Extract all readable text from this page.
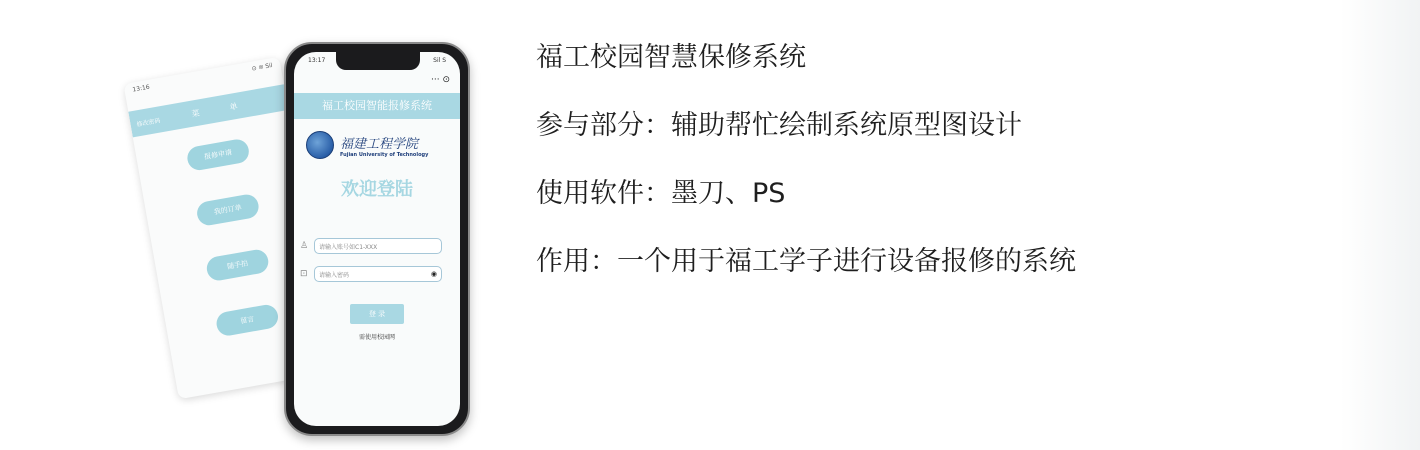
13:16
⊙ ≋ Sil
修改密码
菜 单
报修申请
我的订单
随手拍
留言
13:17	Sil S
··· ⊙
福工校园智能报修系统
福建工程学院
Fujian University of Technology
欢迎登陆
♙	请输入账号如C1-XXX
⊡	请输入密码	◉
登 录
需使用校园网
福工校园智慧保修系统
参与部分：辅助帮忙绘制系统原型图设计
使用软件：墨刀、PS
作用：一个用于福工学子进行设备报修的系统
